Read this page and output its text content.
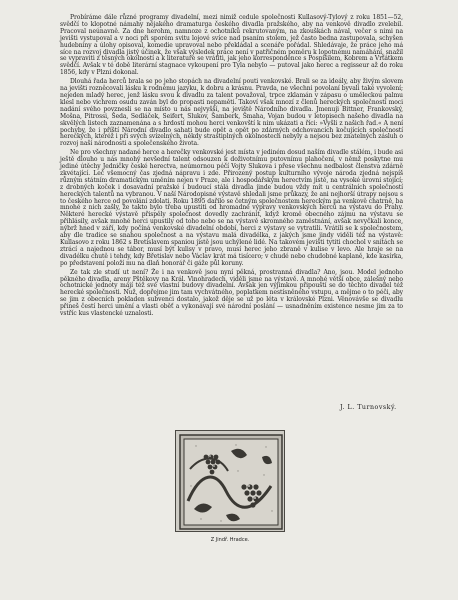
Probíráme dále různé programy divadelní, mezi nimiž cedule společnosti Kullasový-Tylový z roku 1851—52, svědčí to klopotné námahy nějakého dramaturga českého divadla pražského, aby na venkově divadlo zvelebil. Pracoval neúnavně. Za dne herohm, namnoze z ochotníků rekrutovaným, na zkouškách nával, večer s nimi na jevišti vystupoval a v noci při sporém svitu lojové svíce nad psaním stolem, jež často bedna zastupovala, schyšen hudebniny a úlohy opisoval, komedie upravoval nebo překládal a scenáře pořádal. Shledávaje, že práce jeho má síce na rozvoj divadla jistý účinek, že však výsledek práce není v patřičném poměru k lopotnému namáhání, snažil se vypraviti z těsných okolností a k literatuře se vrátiti, jak jeho korrespondence s Pospíšilem, Kobrem a Vrťátkem svědčí. Avšak v té době literární stagnace vykoupení pro Tyla nebylo — putoval jako herec a regisseur až do roku 1856, kdy v Plzni dokonal.

Dlouhá řada herců brala se po jeho stopách na divadelní pouti venkovské. Brali se za ideály, aby živým slovem na jevišti rozněcovali lásku k rodnému jazyku, k dobru a krásnu. Pravda, ne všechni povolaní byvali také vyvolení; nejeden mladý herec, jenž lásku svou k divadlu za talent považoval, trpce zklamán v zápasu o uměleckou palmu klesl nebo vichrem osudu zaván byl do propasti nepaměti. Takoví však mnozí z členů hereckých společností moci nadání svého povznesli se na místo u nás nejvyšší, na jeviště Národního divadla. Jmenuji Bittner, Frankovský, Mošna, Pitrossi, Šeda, Sedláček, Seifert, Slukov, Šamberk, Šmaha, Vojan budou v letopisech našeho divadla na skvělých listech zaznamenána a s hrdostí mohou herci venkovští k nim ukázati a říci: »Vyšli z našich řad.« A není pochyby, že i příští Národní divadlo sahati bude opět a opět po zdárných odchovancích kočujících společností hereckých, kteréž i při svých svízelných, někdy strastiplných okolnostech nebyly a nejsou bez znatelných zásluh o rozvoj naší národnosti a společenského života.

Ne pro všechny nadané herce a herečky venkovské jest místa v jediném dosud naším divadle stálém, i bude asi ještě dlouho u nás mnohý nevšední talent odsouzen k doživotnímu putovnímu plahočení, v němž poskytne mu jediné útěchy Jedničky české herectva, neúmornou péčí Vojty Slukova i přese všechnu nedbalost členstva zdárně zkvétající. Leč všemocný čas zjedná nápravu i zde. Přirozený postup kulturního vývoje národa zjedná nejspíš různým státním dramatickým uměním nejen v Praze, ale i hospodářským herectvím jistě, na vysoké úrovni stojící; z drobných koček i dosavadní pražské i budoucí stálá divadla jinde budou vždy mít u centrálních společností hereckých talentů na vybranou. V naší Národopisné výstavě shledali jsme průkazy, že ani nejhorší útrapy nejsou s to českého herce od povolání zdolati. Roku 1895 dařilo se četným společnostem hereckým na venkově chatrně, ba mnohé z nich zašly, že takto bylo třeba upustiti od hromadné výpravy venkovských herců na výstavu do Prahy. Některé herecké výstavě přispěly společnost dovedly zachránit, když kromě obecného zájmu na výstavu se přihlásily, avšak mnohé herci upustily od toho nebo se na výstavě skromného zaměstnání, avšak nevyčkali konce, nýbrž hned v září, kdy počíná venkovské divadelní období, herci z výstavy se vytratili. Vrátili se k společnostem, aby dle tradice se snahou společnost a na výstavu malá divadélka, z jakých jsme jindy viděli též na výstavě: Kullasovo z roku 1862 s Bretislavem spaniou jistě jsou uchýlené lidé. Na takovém jevišti tytiti chochol v snítách se ztrácí a najednou se tábor, musí být kulisy v pravo, musí herec jeho zbraně v kulise v levo. Ale hraje se na divadélku chutě i tehdy, kdy Břetislav nebo Václav krát má tisícero; v chudé nebo chudobné kaplaně, kde kasírka, po představení položí mu na dlaň honorář či gáže půl koruny.

Ze tak zle studí ut není? Že i na venkově jsou nyní pěkná, prostranná divadla? Ano, jsou. Model jednoho pěkného divadla, areny Pštěkovy na Král. Vinohradech, viděli jsme na výstavě. A mnohé větší obce, zálešný nebo ochotnické jednoty mají též své vlastní budovy divadelní. Avšak jen výjimkou připouští se do těchto divadel též herecké společnosti. Nuž, dopřejme jim tam vychvátného, poplatkem nestísněného vstupu, a mějme o to péči, aby se jim z obecních pokladen subvenci dostalo, jakož děje se už po léta v královské Plzni. Věnovávše se divadlu přineš čestí herci umění a vlasti oběť a vykonávají své národní poslání — usnadněním existence nesme jim za to vstříc kus vlastencké uznalosti.

J. L. Turnovský.
Z Jindř. Hradce.
